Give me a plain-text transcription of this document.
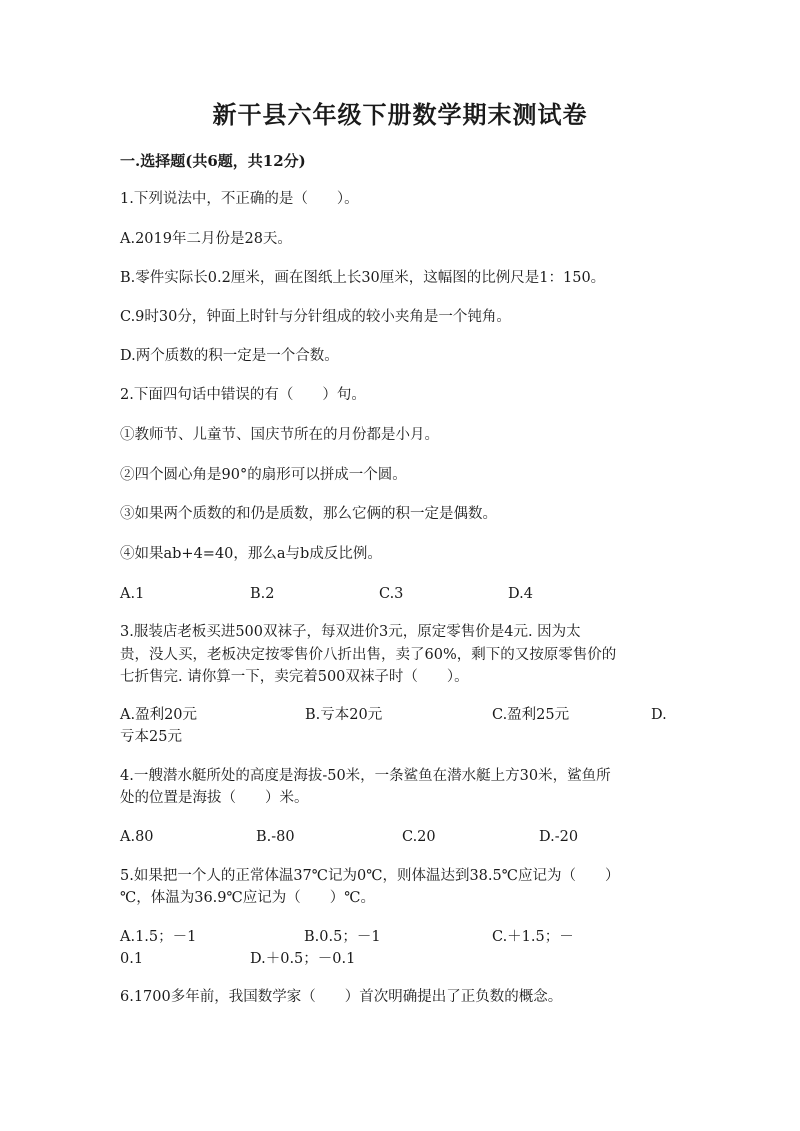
新干县六年级下册数学期末测试卷
一.选择题(共6题，共12分)
1.下列说法中，不正确的是（　　）。
A.2019年二月份是28天。
B.零件实际长0.2厘米，画在图纸上长30厘米，这幅图的比例尺是1：150。
C.9时30分，钟面上时针与分针组成的较小夹角是一个钝角。
D.两个质数的积一定是一个合数。
2.下面四句话中错误的有（　　）句。
①教师节、儿童节、国庆节所在的月份都是小月。
②四个圆心角是90°的扇形可以拼成一个圆。
③如果两个质数的和仍是质数，那么它俩的积一定是偶数。
④如果ab+4=40，那么a与b成反比例。
A.1	B.2	C.3	D.4
3.服装店老板买进500双袜子，每双进价3元，原定零售价是4元. 因为太
贵，没人买，老板决定按零售价八折出售，卖了60%，剩下的又按原零售价的
七折售完. 请你算一下，卖完着500双袜子时（　　）。
A.盈利20元	B.亏本20元	C.盈利25元	D.
亏本25元
4.一艘潜水艇所处的高度是海拔-50米，一条鲨鱼在潜水艇上方30米，鲨鱼所
处的位置是海拔（　　）米。
A.80	B.-80	C.20	D.-20
5.如果把一个人的正常体温37℃记为0℃，则体温达到38.5℃应记为（　　）
℃，体温为36.9℃应记为（　　）℃。
A.1.5；－1	B.0.5；－1	C.＋1.5；－
0.1	D.＋0.5；－0.1
6.1700多年前，我国数学家（　　）首次明确提出了正负数的概念。
